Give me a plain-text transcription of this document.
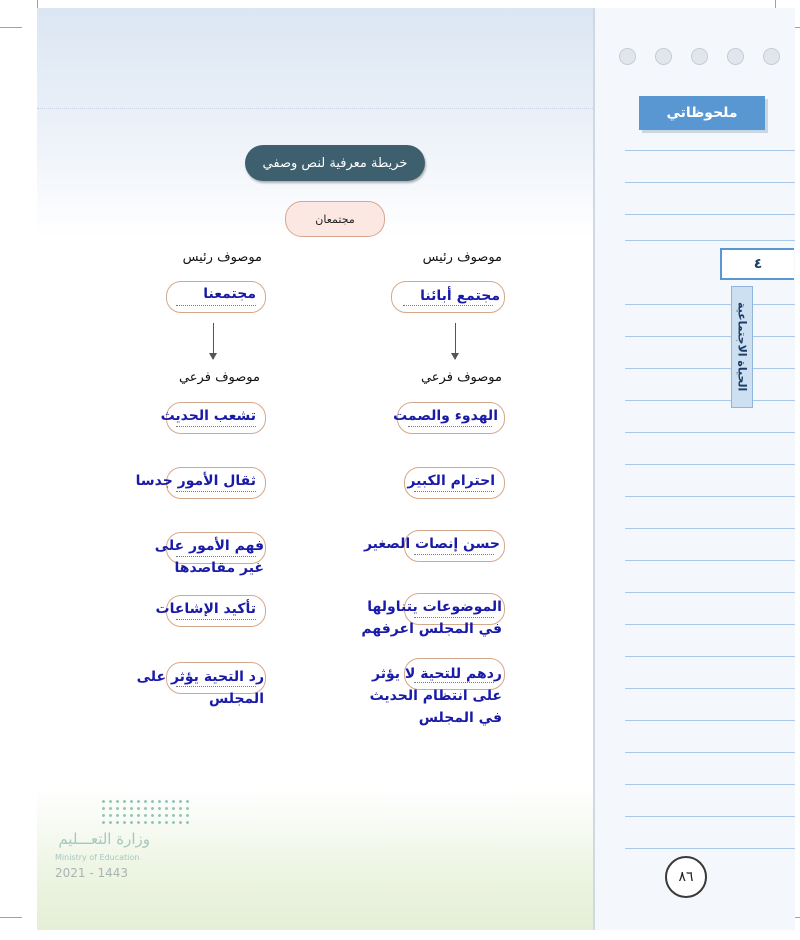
ملحوظاتي
٤
الحياة الاجتماعية
٨٦
خريطة معرفية لنص وصفي
مجتمعان
موصوف رئيس
مجتمع أبائنا
موصوف فرعي
الهدوء والصمت
احترام الكبير
حسن إنصات الصغير
الموضوعات يتناولها في المجلس اعرفهم
ردهم للتحية لا يؤثر على انتظام الحديث في المجلس
موصوف رئيس
مجتمعنا
موصوف فرعي
تشعب الحديث
ثقال الأمور جدسا
فهم الأمور على غير مقاصدها
تأكيد الإشاعات
رد التحية يؤثر على المجلس
وزارة التعـــليم
Ministry of Education
2021 - 1443
